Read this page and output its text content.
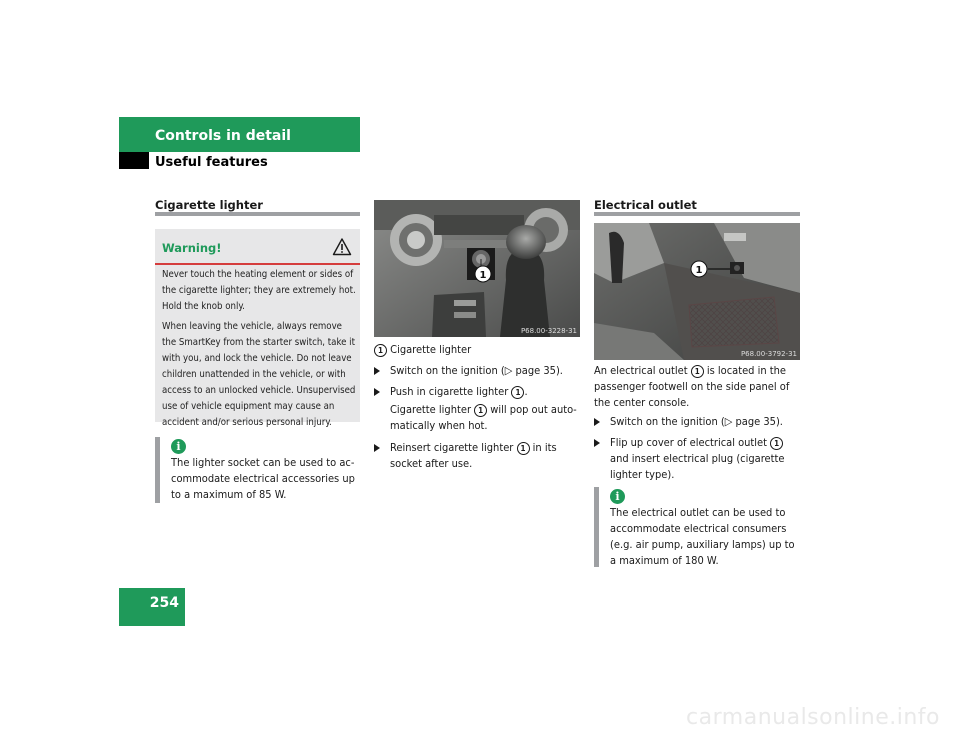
Controls in detail
Useful features
Cigarette lighter
Warning!

Never touch the heating element or sides of the cigarette lighter; they are extremely hot. Hold the knob only.

When leaving the vehicle, always remove the SmartKey from the starter switch, take it with you, and lock the vehicle. Do not leave children unattended in the vehicle, or with access to an unlocked vehicle. Unsupervised use of vehicle equipment may cause an accident and/or serious personal injury.

i
The lighter socket can be used to accommodate electrical accessories up to a maximum of 85 W.
1
P68.00-3228-31
1 Cigarette lighter
Switch on the ignition (▷ page 35).
Push in cigarette lighter 1 .
Cigarette lighter 1 will pop out automatically when hot.
Reinsert cigarette lighter 1 in its socket after use.
Electrical outlet
1
P68.00-3792-31
An electrical outlet 1 is located in the passenger footwell on the side panel of the center console.
Switch on the ignition (▷ page 35).
Flip up cover of electrical outlet 1 and insert electrical plug (cigarette lighter type).
i
The electrical outlet can be used to accommodate electrical consumers (e.g. air pump, auxiliary lamps) up to a maximum of 180 W.
254
carmanualsonline.info
